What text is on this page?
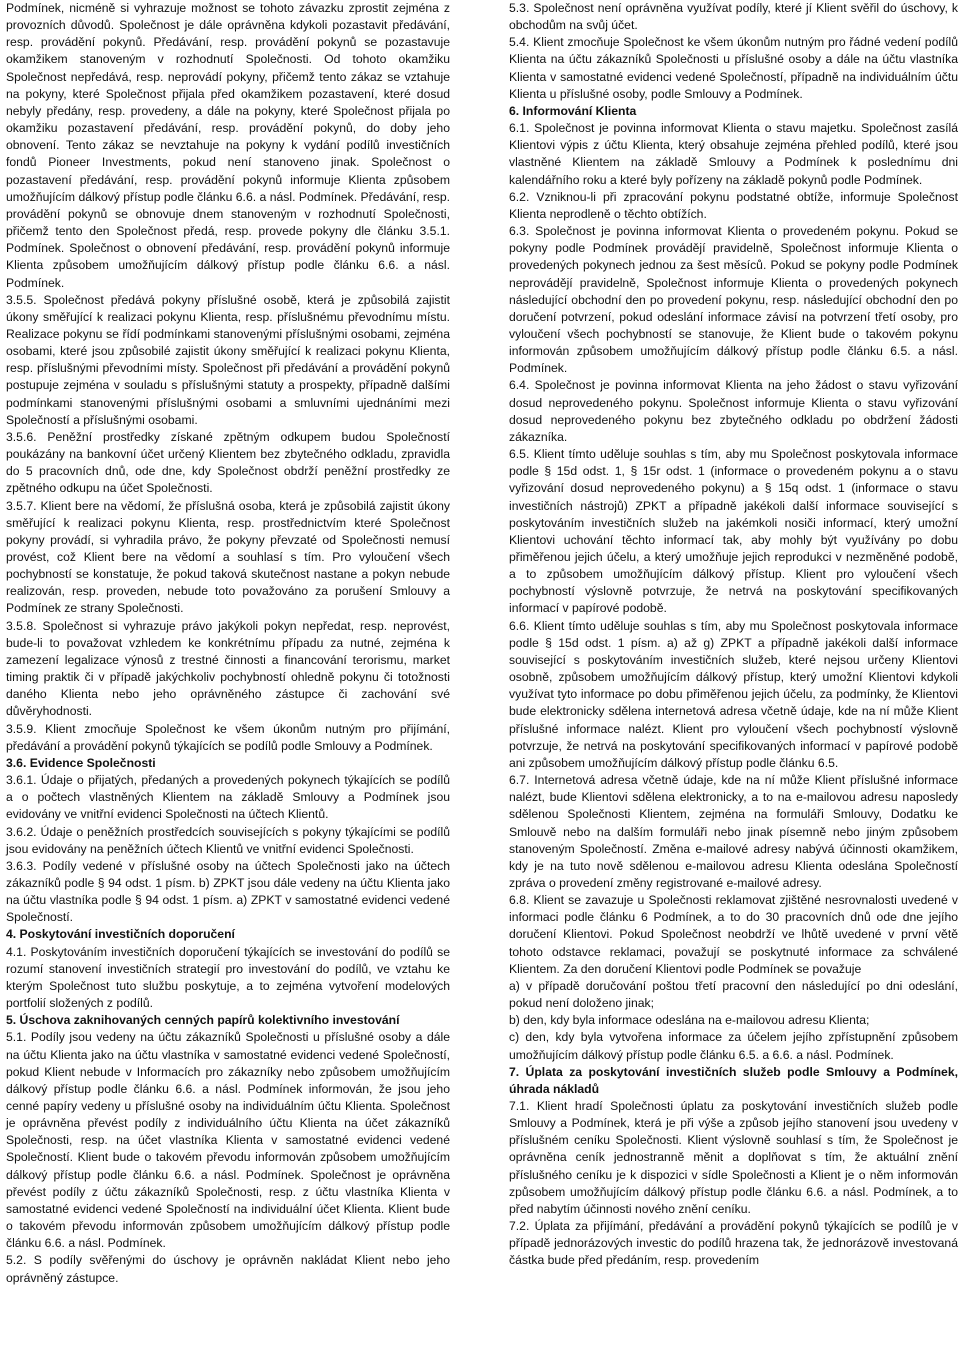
Podmínek, nicméně si vyhrazuje možnost se tohoto závazku zprostit zejména z provozních důvodů. Společnost je dále oprávněna kdykoli pozastavit předávání, resp. provádění pokynů. Předávání, resp. provádění pokynů se pozastavuje okamžikem stanoveným v rozhodnutí Společnosti. Od tohoto okamžiku Společnost nepředává, resp. neprovádí pokyny, přičemž tento zákaz se vztahuje na pokyny, které Společnost přijala před okamžikem pozastavení, které dosud nebyly předány, resp. provedeny, a dále na pokyny, které Společnost přijala po okamžiku pozastavení předávání, resp. provádění pokynů, do doby jeho obnovení. Tento zákaz se nevztahuje na pokyny k vydání podílů investičních fondů Pioneer Investments, pokud není stanoveno jinak. Společnost o pozastavení předávání, resp. provádění pokynů informuje Klienta způsobem umožňujícím dálkový přístup podle článku 6.6. a násl. Podmínek. Předávání, resp. provádění pokynů se obnovuje dnem stanoveným v rozhodnutí Společnosti, přičemž tento den Společnost předá, resp. provede pokyny dle článku 3.5.1. Podmínek. Společnost o obnovení předávání, resp. provádění pokynů informuje Klienta způsobem umožňujícím dálkový přístup podle článku 6.6. a násl. Podmínek.

3.5.5. Společnost předává pokyny příslušné osobě, která je způsobilá zajistit úkony směřující k realizaci pokynu Klienta, resp. příslušnému převodnímu místu. Realizace pokynu se řídí podmínkami stanovenými příslušnými osobami, zejména osobami, které jsou způsobilé zajistit úkony směřující k realizaci pokynu Klienta, resp. příslušnými převodními místy. Společnost při předávání a provádění pokynů postupuje zejména v souladu s příslušnými statuty a prospekty, případně dalšími podmínkami stanovenými příslušnými osobami a smluvními ujednáními mezi Společností a příslušnými osobami.

3.5.6. Peněžní prostředky získané zpětným odkupem budou Společností poukázány na bankovní účet určený Klientem bez zbytečného odkladu, zpravidla do 5 pracovních dnů, ode dne, kdy Společnost obdrží peněžní prostředky ze zpětného odkupu na účet Společnosti.

3.5.7. Klient bere na vědomí, že příslušná osoba, která je způsobilá zajistit úkony směřující k realizaci pokynu Klienta, resp. prostřednictvím které Společnost pokyny provádí, si vyhradila právo, že pokyny převzaté od Společnosti nemusí provést, což Klient bere na vědomí a souhlasí s tím. Pro vyloučení všech pochybností se konstatuje, že pokud taková skutečnost nastane a pokyn nebude realizován, resp. proveden, nebude toto považováno za porušení Smlouvy a Podmínek ze strany Společnosti.

3.5.8. Společnost si vyhrazuje právo jakýkoli pokyn nepředat, resp. neprovést, bude-li to považovat vzhledem ke konkrétnímu případu za nutné, zejména k zamezení legalizace výnosů z trestné činnosti a financování terorismu, market timing praktik či v případě jakýchkoliv pochybností ohledně pokynu či totožnosti daného Klienta nebo jeho oprávněného zástupce či zachování své důvěryhodnosti.

3.5.9. Klient zmocňuje Společnost ke všem úkonům nutným pro přijímání, předávání a provádění pokynů týkajících se podílů podle Smlouvy a Podmínek.

3.6. Evidence Společnosti

3.6.1. Údaje o přijatých, předaných a provedených pokynech týkajících se podílů a o počtech vlastněných Klientem na základě Smlouvy a Podmínek jsou evidovány ve vnitřní evidenci Společnosti na účtech Klientů.

3.6.2. Údaje o peněžních prostředcích souvisejících s pokyny týkajícími se podílů jsou evidovány na peněžních účtech Klientů ve vnitřní evidenci Společnosti.

3.6.3. Podíly vedené v příslušné osoby na účtech Společnosti jako na účtech zákazníků podle § 94 odst. 1 písm. b) ZPKT jsou dále vedeny na účtu Klienta jako na účtu vlastníka podle § 94 odst. 1 písm. a) ZPKT v samostatné evidenci vedené Společností.

4. Poskytování investičních doporučení

4.1. Poskytováním investičních doporučení týkajících se investování do podílů se rozumí stanovení investičních strategií pro investování do podílů, ve vztahu ke kterým Společnost tuto službu poskytuje, a to zejména vytvoření modelových portfolií složených z podílů.

5. Úschova zaknihovaných cenných papírů kolektivního investování

5.1. Podíly jsou vedeny na účtu zákazníků Společnosti u příslušné osoby a dále na účtu Klienta jako na účtu vlastníka v samostatné evidenci vedené Společností, pokud Klient nebude v Informacích pro zákazníky nebo způsobem umožňujícím dálkový přístup podle článku 6.6. a násl. Podmínek informován, že jsou jeho cenné papíry vedeny u příslušné osoby na individuálním účtu Klienta. Společnost je oprávněna převést podíly z individuálního účtu Klienta na účet zákazníků Společnosti, resp. na účet vlastníka Klienta v samostatné evidenci vedené Společností. Klient bude o takovém převodu informován způsobem umožňujícím dálkový přístup podle článku 6.6. a násl. Podmínek. Společnost je oprávněna převést podíly z účtu zákazníků Společnosti, resp. z účtu vlastníka Klienta v samostatné evidenci vedené Společností na individuální účet Klienta. Klient bude o takovém převodu informován způsobem umožňujícím dálkový přístup podle článku 6.6. a násl. Podmínek.

5.2. S podíly svěřenými do úschovy je oprávněn nakládat Klient nebo jeho oprávněný zástupce.

5.3. Společnost není oprávněna využívat podíly, které jí Klient svěřil do úschovy, k obchodům na svůj účet.

5.4. Klient zmocňuje Společnost ke všem úkonům nutným pro řádné vedení podílů Klienta na účtu zákazníků Společnosti u příslušné osoby a dále na účtu vlastníka Klienta v samostatné evidenci vedené Společností, případně na individuálním účtu Klienta u příslušné osoby, podle Smlouvy a Podmínek.

6. Informování Klienta

6.1. Společnost je povinna informovat Klienta o stavu majetku. Společnost zasílá Klientovi výpis z účtu Klienta, který obsahuje zejména přehled podílů, které jsou vlastněné Klientem na základě Smlouvy a Podmínek k poslednímu dni kalendářního roku a které byly pořízeny na základě pokynů podle Podmínek.

6.2. Vzniknou-li při zpracování pokynu podstatné obtíže, informuje Společnost Klienta neprodleně o těchto obtížích.

6.3. Společnost je povinna informovat Klienta o provedeném pokynu. Pokud se pokyny podle Podmínek provádějí pravidelně, Společnost informuje Klienta o provedených pokynech jednou za šest měsíců. Pokud se pokyny podle Podmínek neprovádějí pravidelně, Společnost informuje Klienta o provedených pokynech následující obchodní den po provedení pokynu, resp. následující obchodní den po doručení potvrzení, pokud odeslání informace závisí na potvrzení třetí osoby, pro vyloučení všech pochybností se stanovuje, že Klient bude o takovém pokynu informován způsobem umožňujícím dálkový přístup podle článku 6.5. a násl. Podmínek.

6.4. Společnost je povinna informovat Klienta na jeho žádost o stavu vyřizování dosud neprovedeného pokynu. Společnost informuje Klienta o stavu vyřizování dosud neprovedeného pokynu bez zbytečného odkladu po obdržení žádosti zákazníka.

6.5. Klient tímto uděluje souhlas s tím, aby mu Společnost poskytovala informace podle § 15d odst. 1, § 15r odst. 1 (informace o provedeném pokynu a o stavu vyřizování dosud neprovedeného pokynu) a § 15q odst. 1 (informace o stavu investičních nástrojů) ZPKT a případně jakékoli další informace související s poskytováním investičních služeb na jakémkoli nosiči informací, který umožní Klientovi uchování těchto informací tak, aby mohly být využívány po dobu přiměřenou jejich účelu, a který umožňuje jejich reprodukci v nezměněné podobě, a to způsobem umožňujícím dálkový přístup. Klient pro vyloučení všech pochybností výslovně potvrzuje, že netrvá na poskytování specifikovaných informací v papírové podobě.

6.6. Klient tímto uděluje souhlas s tím, aby mu Společnost poskytovala informace podle § 15d odst. 1 písm. a) až g) ZPKT a případně jakékoli další informace související s poskytováním investičních služeb, které nejsou určeny Klientovi osobně, způsobem umožňujícím dálkový přístup, který umožní Klientovi kdykoli využívat tyto informace po dobu přiměřenou jejich účelu, za podmínky, že Klientovi bude elektronicky sdělena internetová adresa včetně údaje, kde na ní může Klient příslušné informace nalézt. Klient pro vyloučení všech pochybností výslovně potvrzuje, že netrvá na poskytování specifikovaných informací v papírové podobě ani způsobem umožňujícím dálkový přístup podle článku 6.5.

6.7. Internetová adresa včetně údaje, kde na ní může Klient příslušné informace nalézt, bude Klientovi sdělena elektronicky, a to na e-mailovou adresu naposledy sdělenou Společnosti Klientem, zejména na formuláři Smlouvy, Dodatku ke Smlouvě nebo na dalším formuláři nebo jinak písemně nebo jiným způsobem stanoveným Společností. Změna e-mailové adresy nabývá účinnosti okamžikem, kdy je na tuto nově sdělenou e-mailovou adresu Klienta odeslána Společností zpráva o provedení změny registrované e-mailové adresy.

6.8. Klient se zavazuje u Společnosti reklamovat zjištěné nesrovnalosti uvedené v informaci podle článku 6 Podmínek, a to do 30 pracovních dnů ode dne jejího doručení Klientovi. Pokud Společnost neobdrží ve lhůtě uvedené v první větě tohoto odstavce reklamaci, považují se poskytnuté informace za schválené Klientem. Za den doručení Klientovi podle Podmínek se považuje

a) v případě doručování poštou třetí pracovní den následující po dni odeslání, pokud není doloženo jinak;

b) den, kdy byla informace odeslána na e-mailovou adresu Klienta;

c) den, kdy byla vytvořena informace za účelem jejího zpřístupnění způsobem umožňujícím dálkový přístup podle článku 6.5. a 6.6. a násl. Podmínek.

7. Úplata za poskytování investičních služeb podle Smlouvy a Podmínek, úhrada nákladů

7.1. Klient hradí Společnosti úplatu za poskytování investičních služeb podle Smlouvy a Podmínek, která je při výše a způsob jejího stanovení jsou uvedeny v příslušném ceníku Společnosti. Klient výslovně souhlasí s tím, že Společnost je oprávněna ceník jednostranně měnit a doplňovat s tím, že aktuální znění příslušného ceníku je k dispozici v sídle Společnosti a Klient je o něm informován způsobem umožňujícím dálkový přístup podle článku 6.6. a násl. Podmínek, a to před nabytím účinnosti nového znění ceníku.

7.2. Úplata za přijímání, předávání a provádění pokynů týkajících se podílů je v případě jednorázových investic do podílů hrazena tak, že jednorázově investovaná částka bude před předáním, resp. provedením
